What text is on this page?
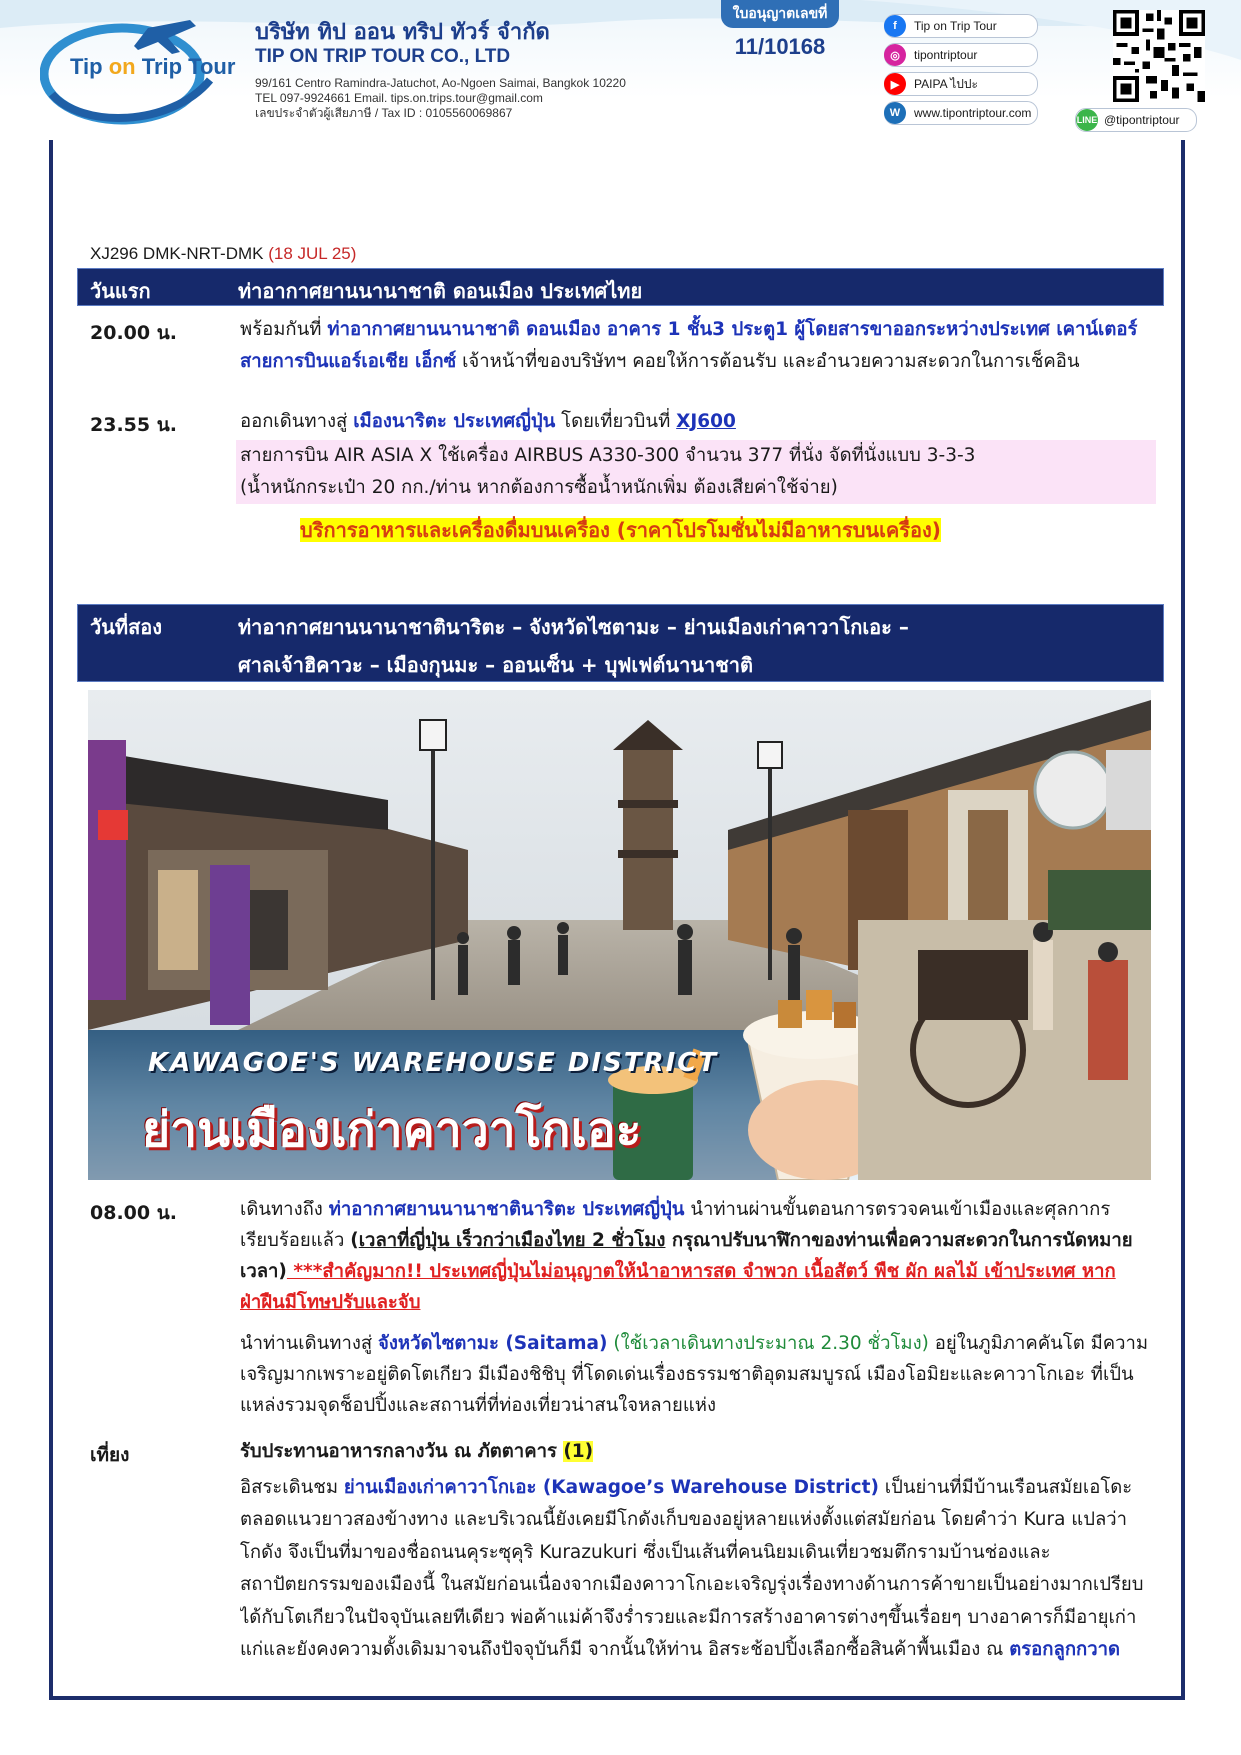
Tip on Trip Tour
บริษัท ทิป ออน ทริป ทัวร์ จำกัด
TIP ON TRIP TOUR CO., LTD
99/161 Centro Ramindra-Jatuchot, Ao-Ngoen Saimai, Bangkok 10220
TEL 097-9924661 Email. tips.on.trips.tour@gmail.com
เลขประจำตัวผู้เสียภาษี / Tax ID : 0105560069867
ใบอนุญาตเลขที่
11/10168
f	Tip on Trip Tour
◎	tipontriptour
▶	PAIPA ไปปะ
W	www.tipontriptour.com	LINE @tipontriptour
XJ296 DMK-NRT-DMK (18 JUL 25)
วันแรก	ท่าอากาศยานนานาชาติ ดอนเมือง ประเทศไทย
20.00 น.	พร้อมกันที่ ท่าอากาศยานนานาชาติ ดอนเมือง อาคาร 1 ชั้น3 ประตู1 ผู้โดยสารขาออกระหว่างประเทศ เคาน์เตอร์ สายการบินแอร์เอเชีย เอ็กซ์ เจ้าหน้าที่ของบริษัทฯ คอยให้การต้อนรับ และอำนวยความสะดวกในการเช็คอิน
23.55 น.	ออกเดินทางสู่ เมืองนาริตะ ประเทศญี่ปุ่น โดยเที่ยวบินที่ XJ600
สายการบิน AIR ASIA X ใช้เครื่อง AIRBUS A330-300 จำนวน 377 ที่นั่ง จัดที่นั่งแบบ 3-3-3
(น้ำหนักกระเป๋า 20 กก./ท่าน หากต้องการซื้อน้ำหนักเพิ่ม ต้องเสียค่าใช้จ่าย)
บริการอาหารและเครื่องดื่มบนเครื่อง (ราคาโปรโมชั่นไม่มีอาหารบนเครื่อง)
วันที่สอง	ท่าอากาศยานนานาชาตินาริตะ – จังหวัดไซตามะ – ย่านเมืองเก่าคาวาโกเอะ –
ศาลเจ้าฮิคาวะ – เมืองกุนมะ – ออนเซ็น + บุฟเฟต์นานาชาติ
KAWAGOE'S WAREHOUSE DISTRICT
ย่านเมืองเก่าคาวาโกเอะ
08.00 น.	เดินทางถึง ท่าอากาศยานนานาชาตินาริตะ ประเทศญี่ปุ่น นำท่านผ่านขั้นตอนการตรวจคนเข้าเมืองและศุลกากร เรียบร้อยแล้ว (เวลาที่ญี่ปุ่น เร็วกว่าเมืองไทย 2 ชั่วโมง กรุณาปรับนาฬิกาของท่านเพื่อความสะดวกในการนัดหมายเวลา) ***สำคัญมาก!! ประเทศญี่ปุ่นไม่อนุญาตให้นำอาหารสด จำพวก เนื้อสัตว์ พืช ผัก ผลไม้ เข้าประเทศ หากฝ่าฝืนมีโทษปรับและจับ
นำท่านเดินทางสู่ จังหวัดไซตามะ (Saitama) (ใช้เวลาเดินทางประมาณ 2.30 ชั่วโมง) อยู่ในภูมิภาคคันโต มีความเจริญมากเพราะอยู่ติดโตเกียว มีเมืองชิชิบุ ที่โดดเด่นเรื่องธรรมชาติอุดมสมบูรณ์ เมืองโอมิยะและคาวาโกเอะ ที่เป็นแหล่งรวมจุดช็อปปิ้งและสถานที่ที่ท่องเที่ยวน่าสนใจหลายแห่ง
เที่ยง	รับประทานอาหารกลางวัน ณ ภัตตาคาร (1)
อิสระเดินชม ย่านเมืองเก่าคาวาโกเอะ (Kawagoe’s Warehouse District) เป็นย่านที่มีบ้านเรือนสมัยเอโดะตลอดแนวยาวสองข้างทาง และบริเวณนี้ยังเคยมีโกดังเก็บของอยู่หลายแห่งตั้งแต่สมัยก่อน โดยคำว่า Kura แปลว่า โกดัง จึงเป็นที่มาของชื่อถนนคุระซุคุริ Kurazukuri ซึ่งเป็นเส้นที่คนนิยมเดินเที่ยวชมตึกรามบ้านช่องและสถาปัตยกรรมของเมืองนี้ ในสมัยก่อนเนื่องจากเมืองคาวาโกเอะเจริญรุ่งเรื่องทางด้านการค้าขายเป็นอย่างมากเปรียบได้กับโตเกียวในปัจจุบันเลยทีเดียว พ่อค้าแม่ค้าจึงร่ำรวยและมีการสร้างอาคารต่างๆขึ้นเรื่อยๆ บางอาคารก็มีอายุเก่าแก่และยังคงความดั้งเดิมมาจนถึงปัจจุบันก็มี จากนั้นให้ท่าน อิสระช้อปปิ้งเลือกซื้อสินค้าพื้นเมือง ณ ตรอกลูกกวาด
